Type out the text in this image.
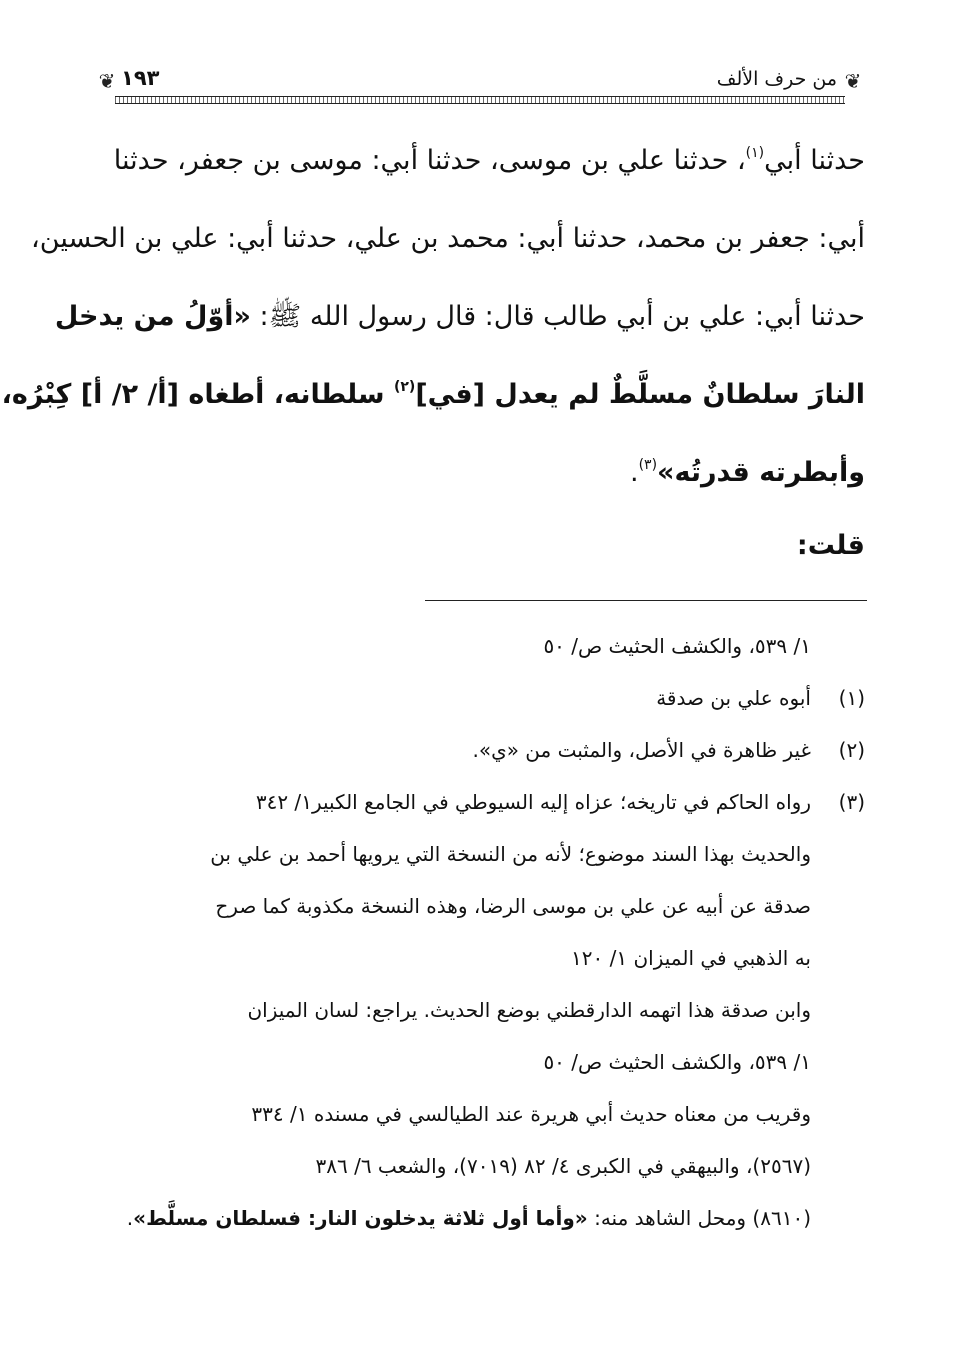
❦
❦	من حرف الألف
١٩٣
حدثنا أبي$^{(١)}$، حدثنا علي بن موسى، حدثنا أبي: موسى بن جعفر، حدثنا
أبي: جعفر بن محمد، حدثنا أبي: محمد بن علي، حدثنا أبي: علي بن الحسين،
حدثنا أبي: علي بن أبي طالب قال: قال رسول الله ﷺ: «أوّلُ من يدخل
النارَ سلطانٌ مسلَّطٌ لم يعدل [في]$^{(٢)}$ سلطانه، أطغاه [أ/ ٢/ أ] كِبْرُه،
وأبطرته قدرتُه»$^{(٣)}$.
قلت:
١/ ٥٣٩، والكشف الحثيث ص/ ٥٠
(١)أبوه علي بن صدقة
(٢)غير ظاهرة في الأصل، والمثبت من «ي».
(٣)رواه الحاكم في تاريخه؛ عزاه إليه السيوطي في الجامع الكبير١/ ٣٤٢
والحديث بهذا السند موضوع؛ لأنه من النسخة التي يرويها أحمد بن علي بن
صدقة عن أبيه عن علي بن موسى الرضا، وهذه النسخة مكذوبة كما صرح
به الذهبي في الميزان ١/ ١٢٠
وابن صدقة هذا اتهمه الدارقطني بوضع الحديث. يراجع: لسان الميزان
١/ ٥٣٩، والكشف الحثيث ص/ ٥٠
وقريب من معناه حديث أبي هريرة عند الطيالسي في مسنده ١/ ٣٣٤
(٢٥٦٧)، والبيهقي في الكبرى ٤/ ٨٢ (٧٠١٩)، والشعب ٦/ ٣٨٦
(٨٦١٠) ومحل الشاهد منه: «وأما أول ثلاثة يدخلون النار: فسلطان مسلَّط».
